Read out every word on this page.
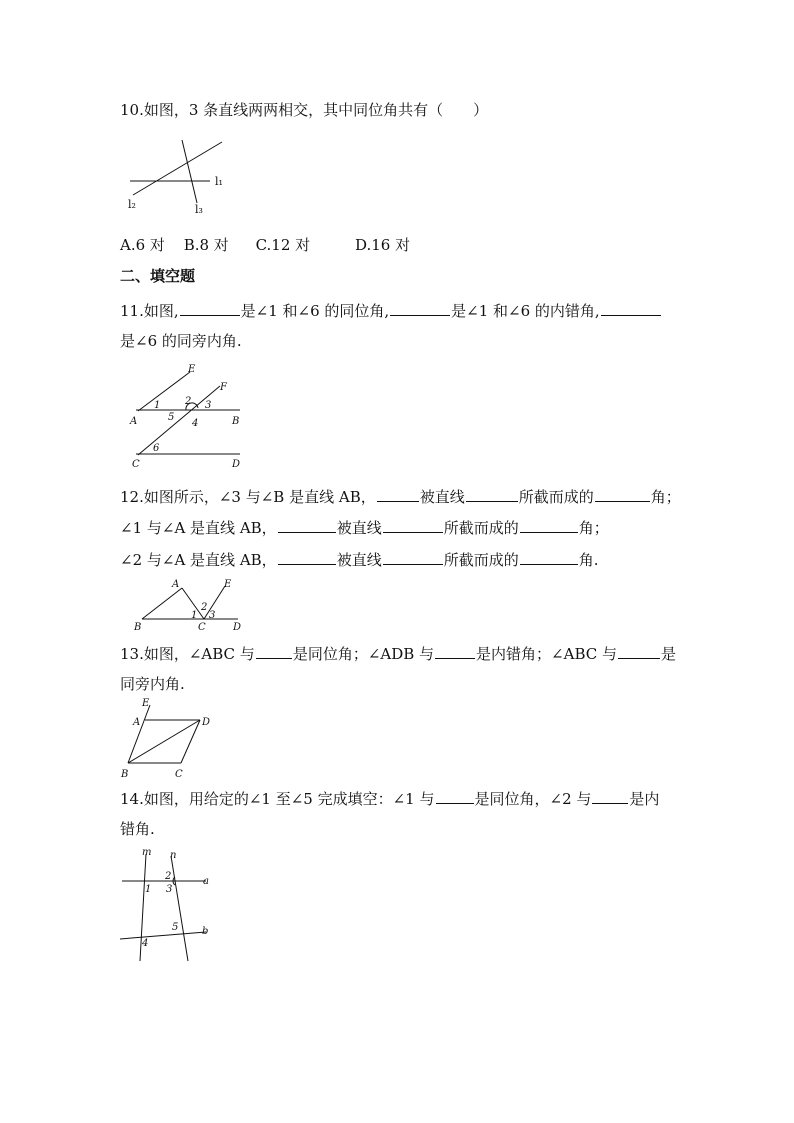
10.如图，3 条直线两两相交，其中同位角共有（　　）
l₁
l₂	l₃
A.6 对 B.8 对 C.12 对	D.16 对
二、填空题
11.如图,	是∠1 和∠6 的同位角,	是∠1 和∠6 的内错角,
是∠6 的同旁内角.
E
F
A	B
C	D
1 2 3
4
5
6
12.如图所示，∠3 与∠B 是直线 AB，	被直线	所截而成的	角；
∠1 与∠A 是直线 AB，	被直线	所截而成的	角；
∠2 与∠A 是直线 AB，	被直线	所截而成的	角.
A	E
B	C	D
1
2
3
13.如图，∠ABC 与	是同位角；∠ADB 与	是内错角；∠ABC 与	是
同旁内角.
E
A	D
B	C
14.如图，用给定的∠1 至∠5 完成填空：∠1 与	是同位角，∠2 与	是内
错角.
m n
a
b
1
2
3
4
5
